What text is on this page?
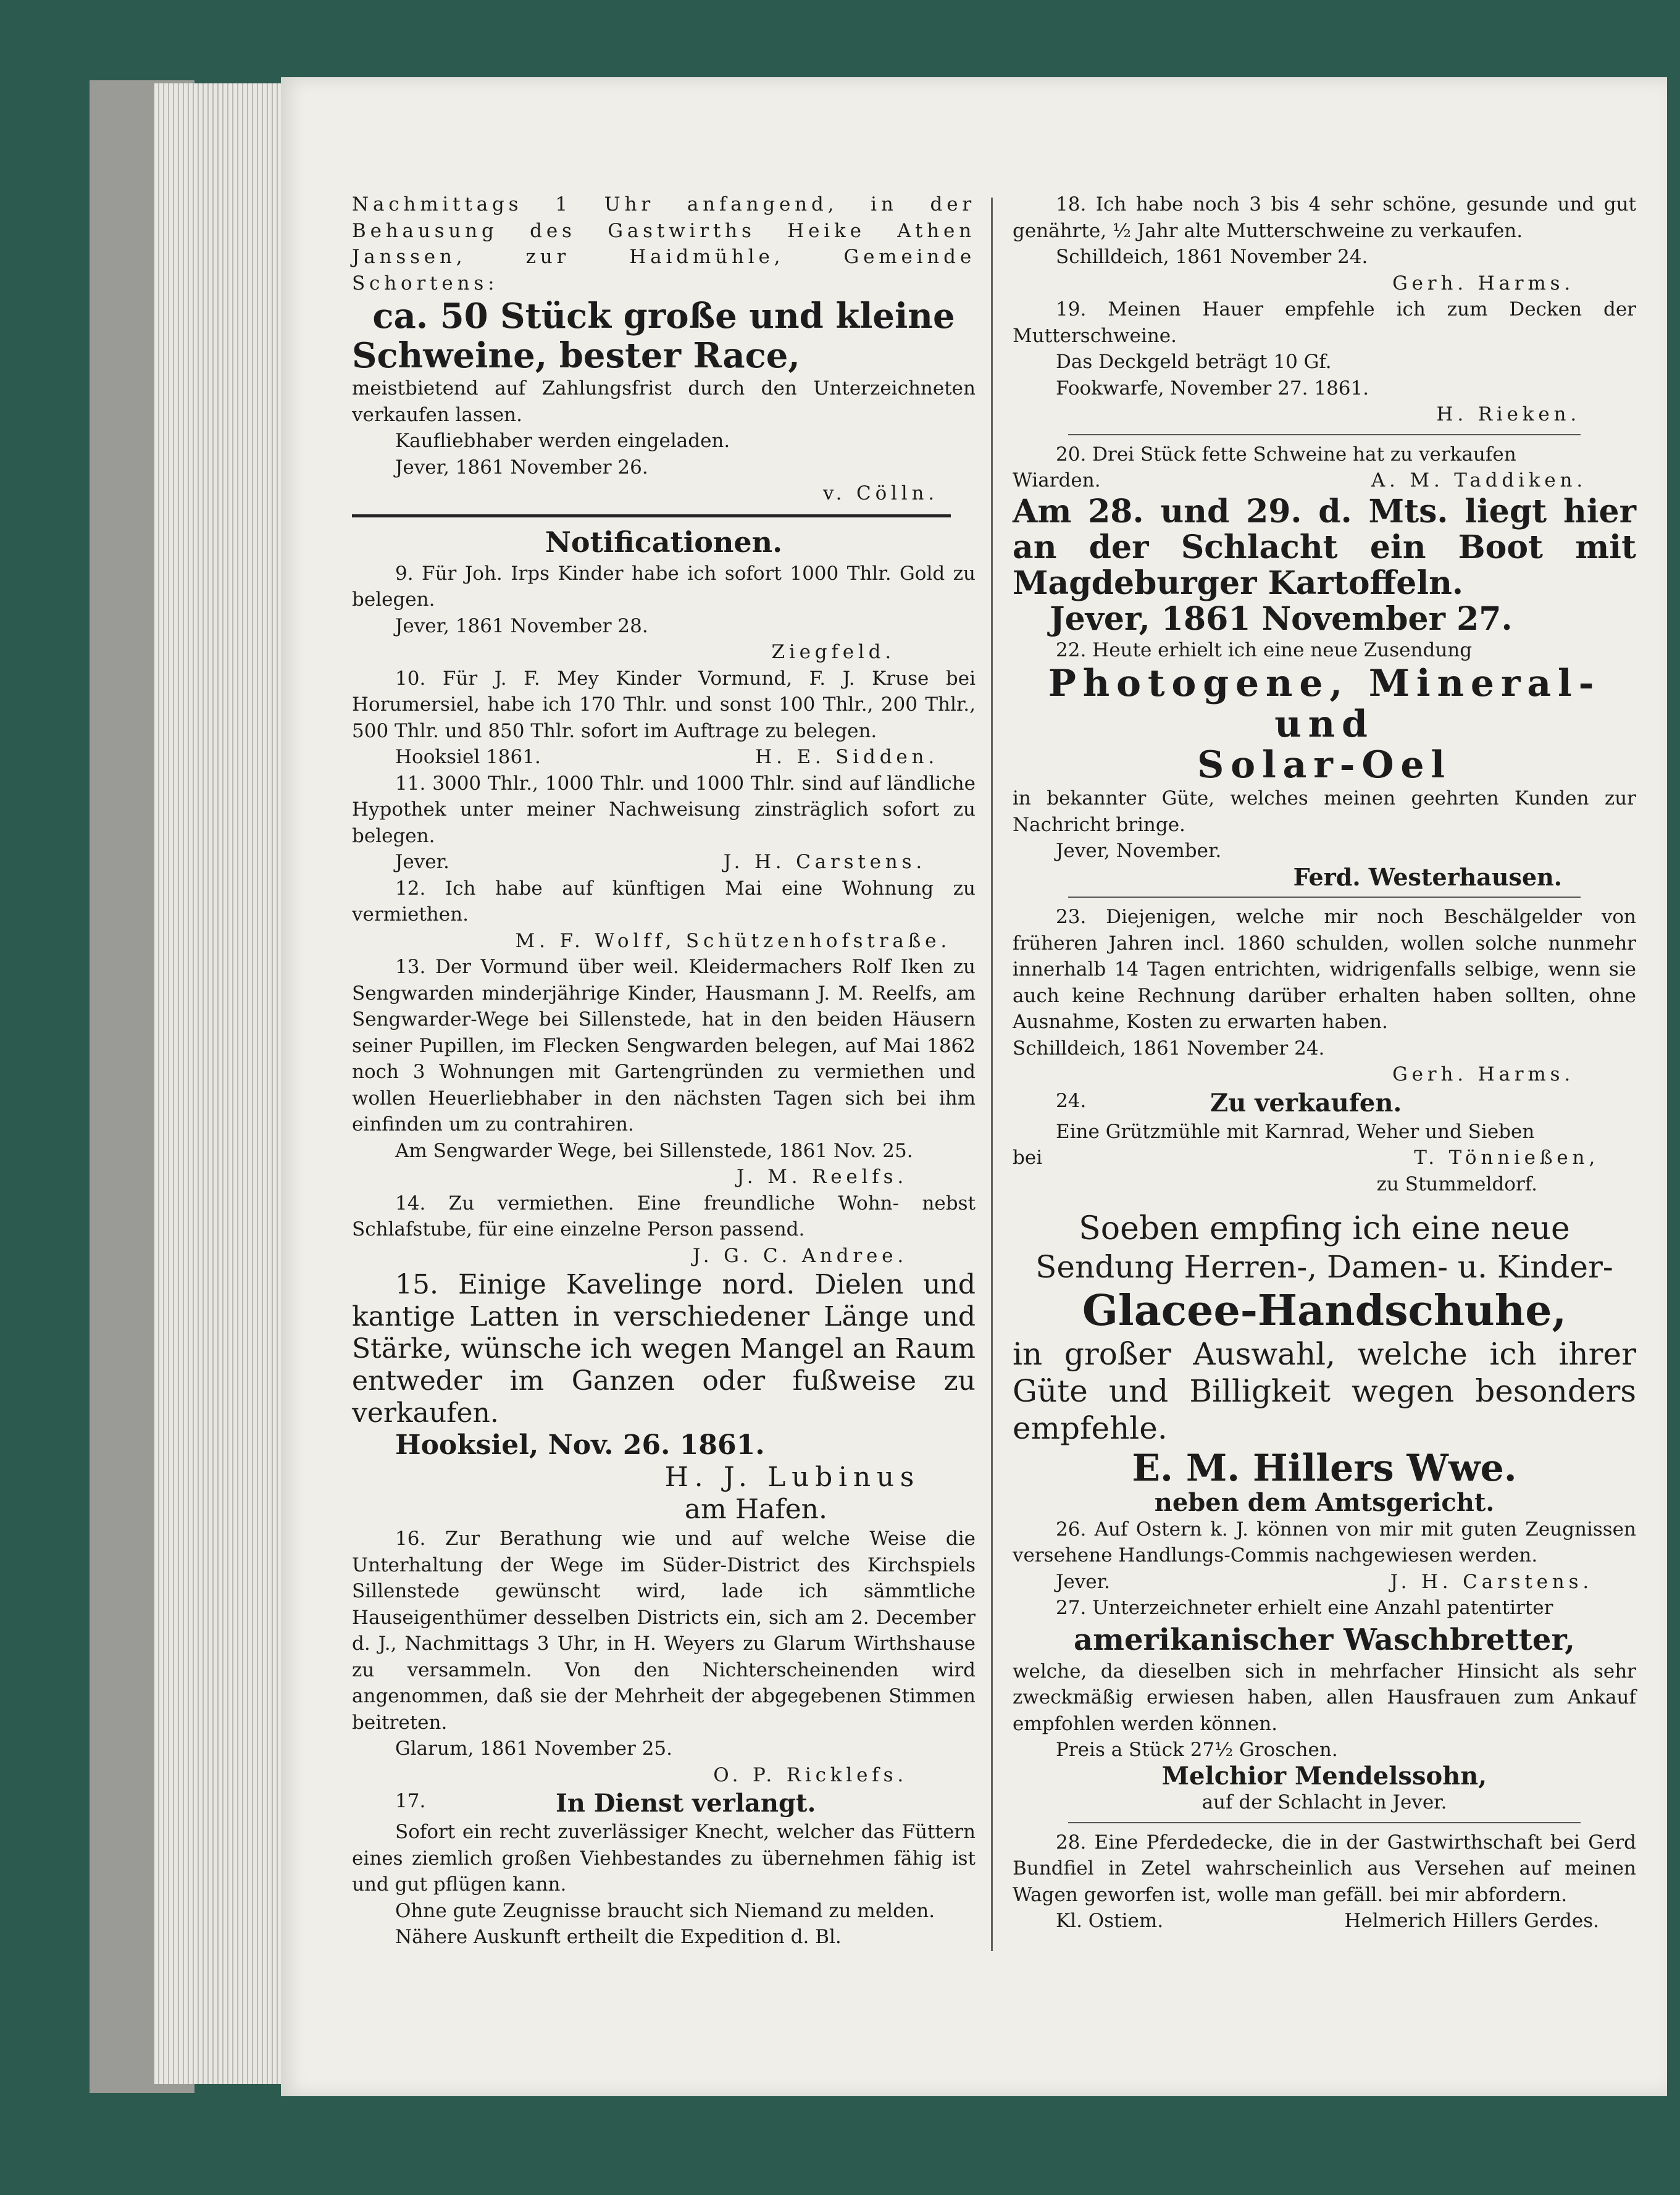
Nachmittags 1 Uhr anfangend, in der Behausung des Gastwirths Heike Athen Janssen, zur Haidmühle, Gemeinde Schortens:

ca. 50 Stück große und kleine

Schweine, bester Race,

meistbietend auf Zahlungsfrist durch den Unterzeichneten verkaufen lassen.

Kaufliebhaber werden eingeladen.

Jever, 1861 November 26.

v. Cölln.

Notificationen.

9. Für Joh. Irps Kinder habe ich sofort 1000 Thlr. Gold zu belegen.

Jever, 1861 November 28.

Ziegfeld.

10. Für J. F. Mey Kinder Vormund, F. J. Kruse bei Horumersiel, habe ich 170 Thlr. und sonst 100 Thlr., 200 Thlr., 500 Thlr. und 850 Thlr. sofort im Auftrage zu belegen.

Hooksiel 1861.	H. E. Sidden.

11. 3000 Thlr., 1000 Thlr. und 1000 Thlr. sind auf ländliche Hypothek unter meiner Nachweisung zinsträglich sofort zu belegen.

Jever.	J. H. Carstens.

12. Ich habe auf künftigen Mai eine Wohnung zu vermiethen.

M. F. Wolff, Schützenhofstraße.

13. Der Vormund über weil. Kleidermachers Rolf Iken zu Sengwarden minderjährige Kinder, Hausmann J. M. Reelfs, am Sengwarder-Wege bei Sillenstede, hat in den beiden Häusern seiner Pupillen, im Flecken Sengwarden belegen, auf Mai 1862 noch 3 Wohnungen mit Gartengründen zu vermiethen und wollen Heuerliebhaber in den nächsten Tagen sich bei ihm einfinden um zu contrahiren.

Am Sengwarder Wege, bei Sillenstede, 1861 Nov. 25.

J. M. Reelfs.

14. Zu vermiethen. Eine freundliche Wohn- nebst Schlafstube, für eine einzelne Person passend.

J. G. C. Andree.

15. Einige Kavelinge nord. Dielen und kantige Latten in verschiedener Länge und Stärke, wünsche ich wegen Mangel an Raum entweder im Ganzen oder fußweise zu verkaufen.

Hooksiel, Nov. 26. 1861.

H. J. Lubinus

am Hafen.

16. Zur Berathung wie und auf welche Weise die Unterhaltung der Wege im Süder-District des Kirchspiels Sillenstede gewünscht wird, lade ich sämmtliche Hauseigenthümer desselben Districts ein, sich am 2. December d. J., Nachmittags 3 Uhr, in H. Weyers zu Glarum Wirthshause zu versammeln. Von den Nichterscheinenden wird angenommen, daß sie der Mehrheit der abgegebenen Stimmen beitreten.

Glarum, 1861 November 25.

O. P. Ricklefs.

17.	In Dienst verlangt.

Sofort ein recht zuverlässiger Knecht, welcher das Füttern eines ziemlich großen Viehbestandes zu übernehmen fähig ist und gut pflügen kann.

Ohne gute Zeugnisse braucht sich Niemand zu melden.

Nähere Auskunft ertheilt die Expedition d. Bl.

18. Ich habe noch 3 bis 4 sehr schöne, gesunde und gut genährte, ½ Jahr alte Mutterschweine zu verkaufen.

Schilldeich, 1861 November 24.

Gerh. Harms.

19. Meinen Hauer empfehle ich zum Decken der Mutterschweine.

Das Deckgeld beträgt 10 Gf.

Fookwarfe, November 27. 1861.

H. Rieken.

20. Drei Stück fette Schweine hat zu verkaufen

Wiarden.	A. M. Taddiken.

Am 28. und 29. d. Mts. liegt hier an der Schlacht ein Boot mit Magdeburger Kartoffeln.

Jever, 1861 November 27.

22. Heute erhielt ich eine neue Zusendung

Photogene, Mineral- und

Solar-Oel

in bekannter Güte, welches meinen geehrten Kunden zur Nachricht bringe.

Jever, November.

Ferd. Westerhausen.

23. Diejenigen, welche mir noch Beschälgelder von früheren Jahren incl. 1860 schulden, wollen solche nunmehr innerhalb 14 Tagen entrichten, widrigenfalls selbige, wenn sie auch keine Rechnung darüber erhalten haben sollten, ohne Ausnahme, Kosten zu erwarten haben.

Schilldeich, 1861 November 24.

Gerh. Harms.

24.	Zu verkaufen.

Eine Grützmühle mit Karnrad, Weher und Sieben

bei	T. Tönnießen,

zu Stummeldorf.

Soeben empfing ich eine neue

Sendung Herren-, Damen- u. Kinder-

Glacee-Handschuhe,

in großer Auswahl, welche ich ihrer Güte und Billigkeit wegen besonders empfehle.

E. M. Hillers Wwe.

neben dem Amtsgericht.

26. Auf Ostern k. J. können von mir mit guten Zeugnissen versehene Handlungs-Commis nachgewiesen werden.

Jever.	J. H. Carstens.

27. Unterzeichneter erhielt eine Anzahl patentirter

amerikanischer Waschbretter,

welche, da dieselben sich in mehrfacher Hinsicht als sehr zweckmäßig erwiesen haben, allen Hausfrauen zum Ankauf empfohlen werden können.

Preis a Stück 27½ Groschen.

Melchior Mendelssohn,

auf der Schlacht in Jever.

28. Eine Pferdedecke, die in der Gastwirthschaft bei Gerd Bundfiel in Zetel wahrscheinlich aus Versehen auf meinen Wagen geworfen ist, wolle man gefäll. bei mir abfordern.

Kl. Ostiem.	Helmerich Hillers Gerdes.
